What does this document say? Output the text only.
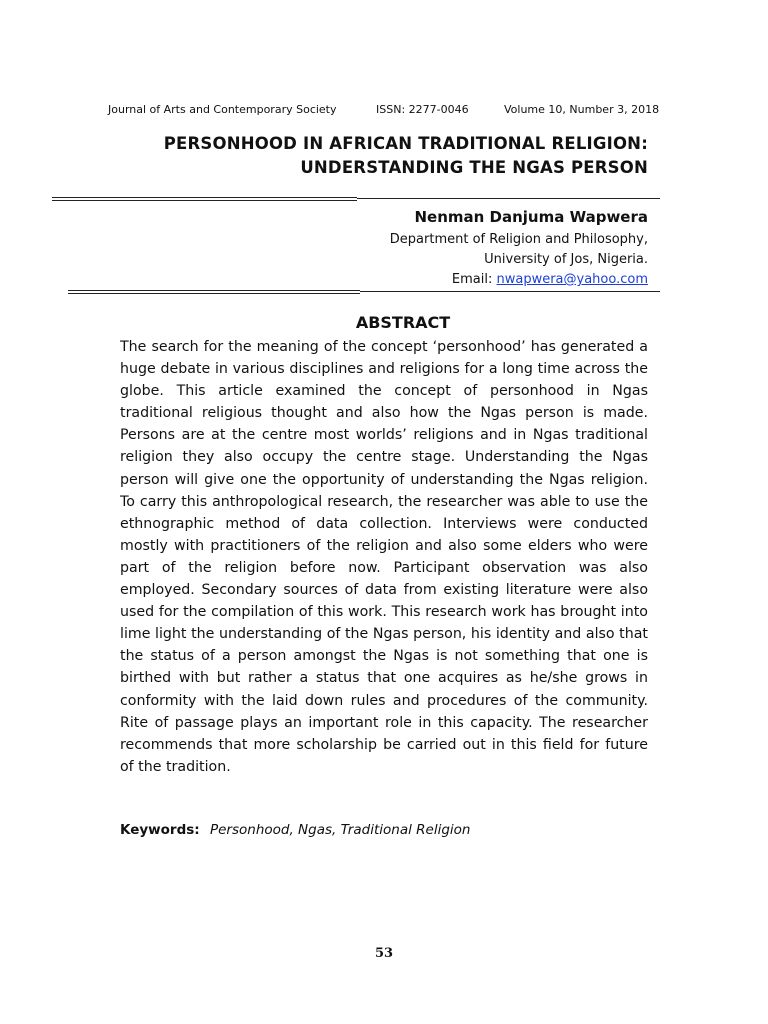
Journal of Arts and Contemporary Society	ISSN: 2277-0046	Volume 10, Number 3, 2018
PERSONHOOD IN AFRICAN TRADITIONAL RELIGION:
UNDERSTANDING THE NGAS PERSON
Nenman Danjuma Wapwera
Department of Religion and Philosophy,
University of Jos, Nigeria.
Email: nwapwera@yahoo.com
ABSTRACT

The search for the meaning of the concept ‘personhood’ has generated a huge debate in various disciplines and religions for a long time across the globe. This article examined the concept of personhood in Ngas traditional religious thought and also how the Ngas person is made. Persons are at the centre most worlds’ religions and in Ngas traditional religion they also occupy the centre stage. Understanding the Ngas person will give one the opportunity of understanding the Ngas religion. To carry this anthropological research, the researcher was able to use the ethnographic method of data collection. Interviews were conducted mostly with practitioners of the religion and also some elders who were part of the religion before now. Participant observation was also employed. Secondary sources of data from existing literature were also used for the compilation of this work. This research work has brought into lime light the understanding of the Ngas person, his identity and also that the status of a person amongst the Ngas is not something that one is birthed with but rather a status that one acquires as he/she grows in conformity with the laid down rules and procedures of the community. Rite of passage plays an important role in this capacity. The researcher recommends that more scholarship be carried out in this field for future of the tradition.

Keywords: Personhood, Ngas, Traditional Religion
53
